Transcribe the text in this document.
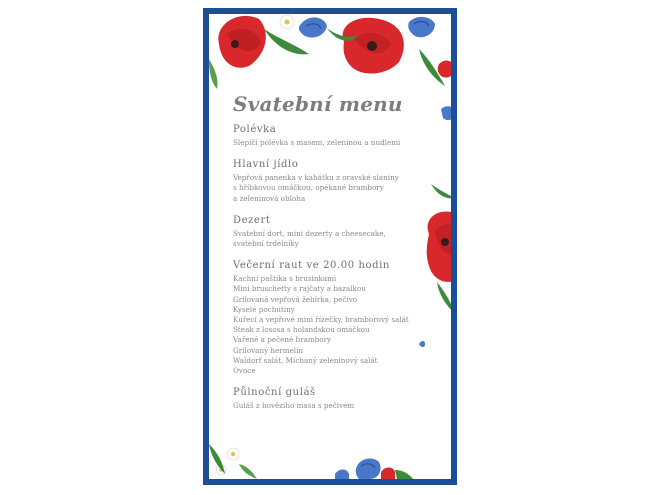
Svatební menu
Polévka
Slepičí polévka s masem, zeleninou a nudlemi
Hlavní jídlo
Vepřová panenka v kabátku z oravské slaniny
s hříbkovou omáčkou, opékané brambory
a zeleninová obloha
Dezert
Svatební dort, mini dezerty a cheesecake,
svatební trdelníky
Večerní raut ve 20.00 hodin
Kachní paštika s brusinkami
Mini bruschetty s rajčaty a bazalkou
Grilovaná vepřová žebírka, pečivo
Kyselé pochutiny
Kuřecí a vepřové mini řízečky, bramborový salát
Steak z lososa s holandskou omáčkou
Vařené a pečené brambory
Grilovaný hermelín
Waldorf salát, Míchaný zeleninový salát
Ovoce
Půlnoční guláš
Guláš z hovězího masa s pečivem
